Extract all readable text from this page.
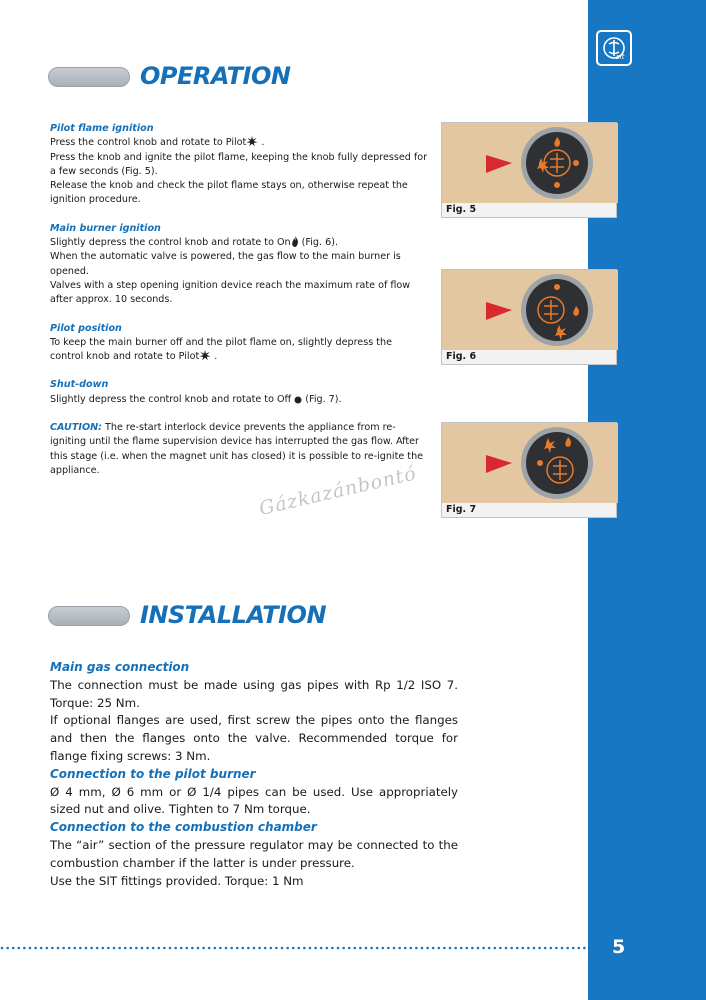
sit
5
OPERATION

Pilot flame ignition

Press the control knob and rotate to Pilot .

Press the knob and ignite the pilot flame, keeping the knob fully depressed for a few seconds (Fig. 5).

Release the knob and check the pilot flame stays on, otherwise repeat the ignition procedure.

Main burner ignition

Slightly depress the control knob and rotate to On (Fig. 6).

When the automatic valve is powered, the gas flow to the main burner is opened.

Valves with a step opening ignition device reach the maximum rate of flow after approx. 10 seconds.

Pilot position

To keep the main burner off and the pilot flame on, slightly depress the control knob and rotate to Pilot .

Shut-down

Slightly depress the control knob and rotate to Off  (Fig. 7).

CAUTION: The re-start interlock device prevents the appliance from re-igniting until the flame supervision device has interrupted the gas flow. After this stage (i.e. when the magnet unit has closed) it is possible to re-ignite the appliance.

Fig. 5
Fig. 6
Fig. 7
Gázkazánbontó
INSTALLATION

Main gas connection

The connection must be made using gas pipes with Rp 1/2 ISO 7. Torque: 25 Nm.

If optional flanges are used, first screw the pipes onto the flanges and then the flanges onto the valve. Recommended torque for flange fixing screws: 3 Nm.

Connection to the pilot burner

Ø 4 mm, Ø 6 mm or Ø 1/4 pipes can be used. Use appropriately sized nut and olive. Tighten to 7 Nm torque.

Connection to the combustion chamber

The “air” section of the pressure regulator may be connected to the combustion chamber if the latter is under pressure.

Use the SIT fittings provided. Torque: 1 Nm
